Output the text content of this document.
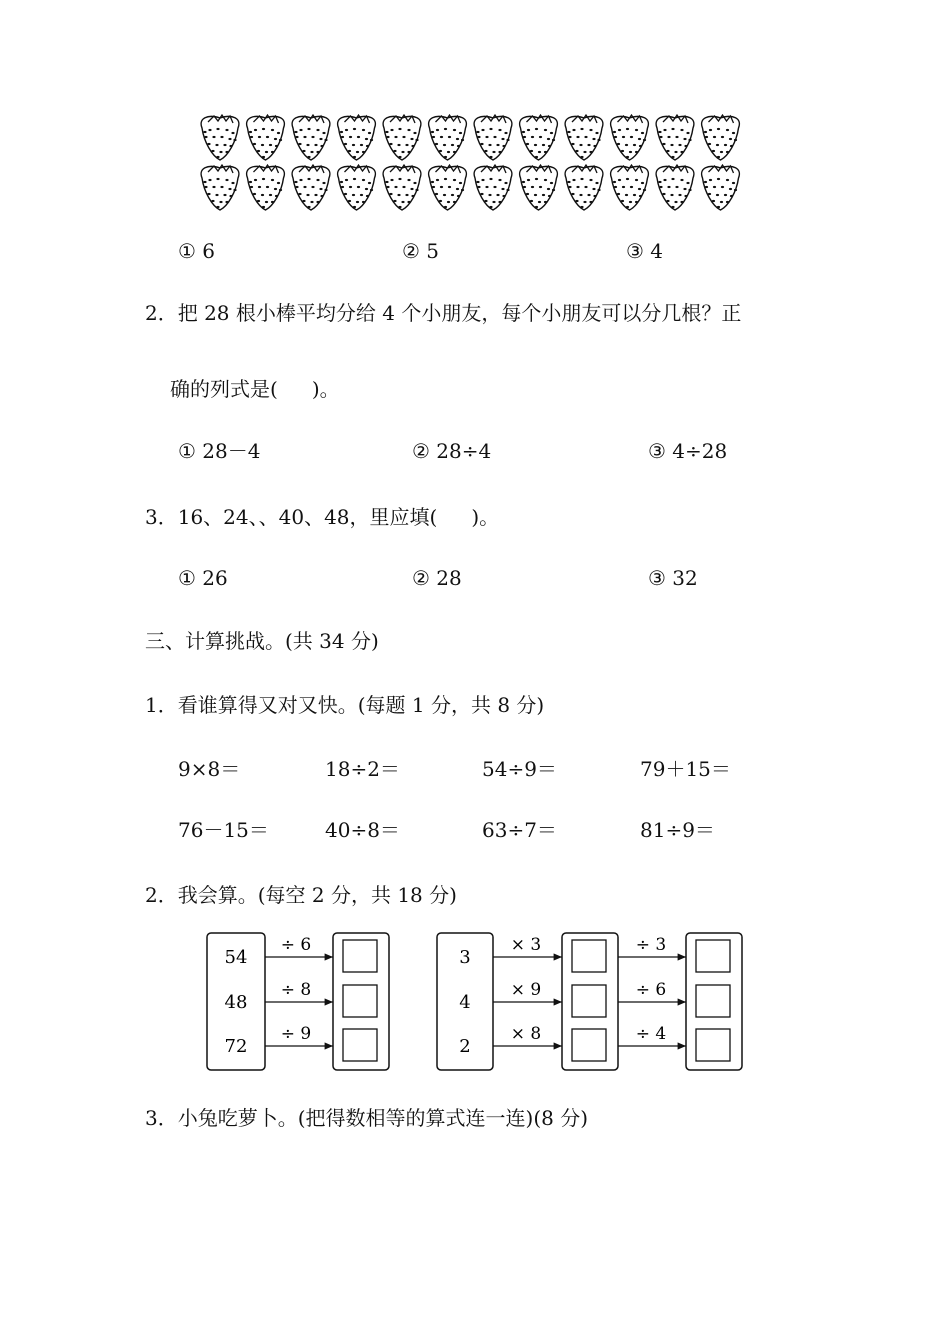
① 6	② 5	③ 4
2．把 28 根小棒平均分给 4 个小朋友，每个小朋友可以分几根？正
确的列式是( )。
① 28－4	② 28÷4	③ 4÷28
3．16、24、、40、48，里应填( )。
① 26	② 28	③ 32
三、计算挑战。(共 34 分)
1．看谁算得又对又快。(每题 1 分，共 8 分)
9×8＝	18÷2＝	54÷9＝	79＋15＝
76－15＝	40÷8＝	63÷7＝	81÷9＝
2．我会算。(每空 2 分，共 18 分)
54
48
72
÷ 6
÷ 8
÷ 9
3
4
2
× 3
× 9
× 8
÷ 3
÷ 6
÷ 4
3．小兔吃萝卜。(把得数相等的算式连一连)(8 分)
